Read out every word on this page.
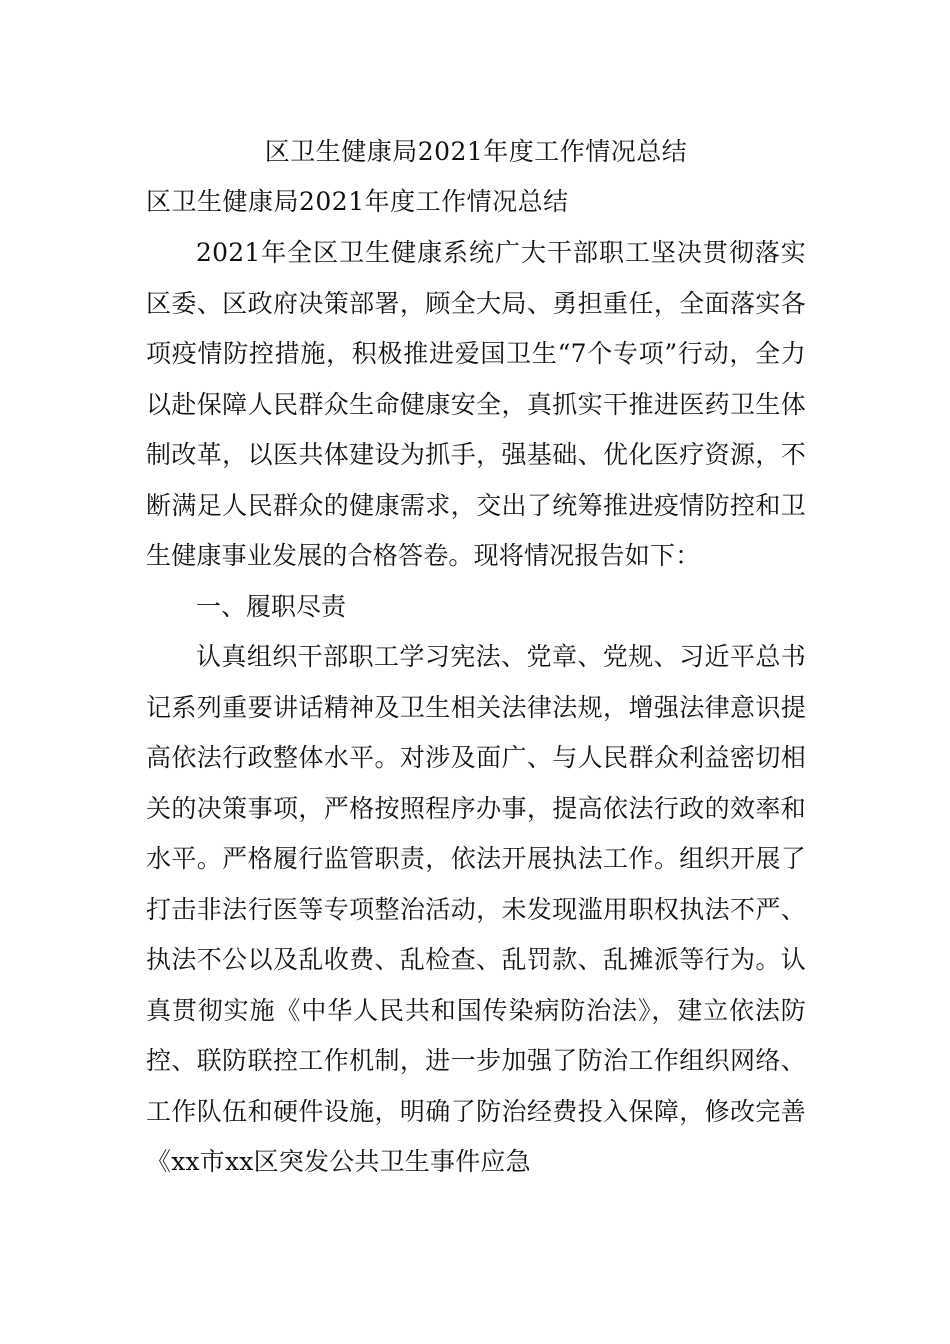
区卫生健康局2021年度工作情况总结

区卫生健康局2021年度工作情况总结

2021年全区卫生健康系统广大干部职工坚决贯彻落实区委、区政府决策部署，顾全大局、勇担重任，全面落实各项疫情防控措施，积极推进爱国卫生“7个专项”行动，全力以赴保障人民群众生命健康安全，真抓实干推进医药卫生体制改革，以医共体建设为抓手，强基础、优化医疗资源，不断满足人民群众的健康需求，交出了统筹推进疫情防控和卫生健康事业发展的合格答卷。现将情况报告如下：

一、履职尽责

认真组织干部职工学习宪法、党章、党规、习近平总书记系列重要讲话精神及卫生相关法律法规，增强法律意识提高依法行政整体水平。对涉及面广、与人民群众利益密切相关的决策事项，严格按照程序办事，提高依法行政的效率和水平。严格履行监管职责，依法开展执法工作。组织开展了打击非法行医等专项整治活动，未发现滥用职权执法不严、执法不公以及乱收费、乱检查、乱罚款、乱摊派等行为。认真贯彻实施《中华人民共和国传染病防治法》，建立依法防控、联防联控工作机制，进一步加强了防治工作组织网络、工作队伍和硬件设施，明确了防治经费投入保障，修改完善《xx市xx区突发公共卫生事件应急
